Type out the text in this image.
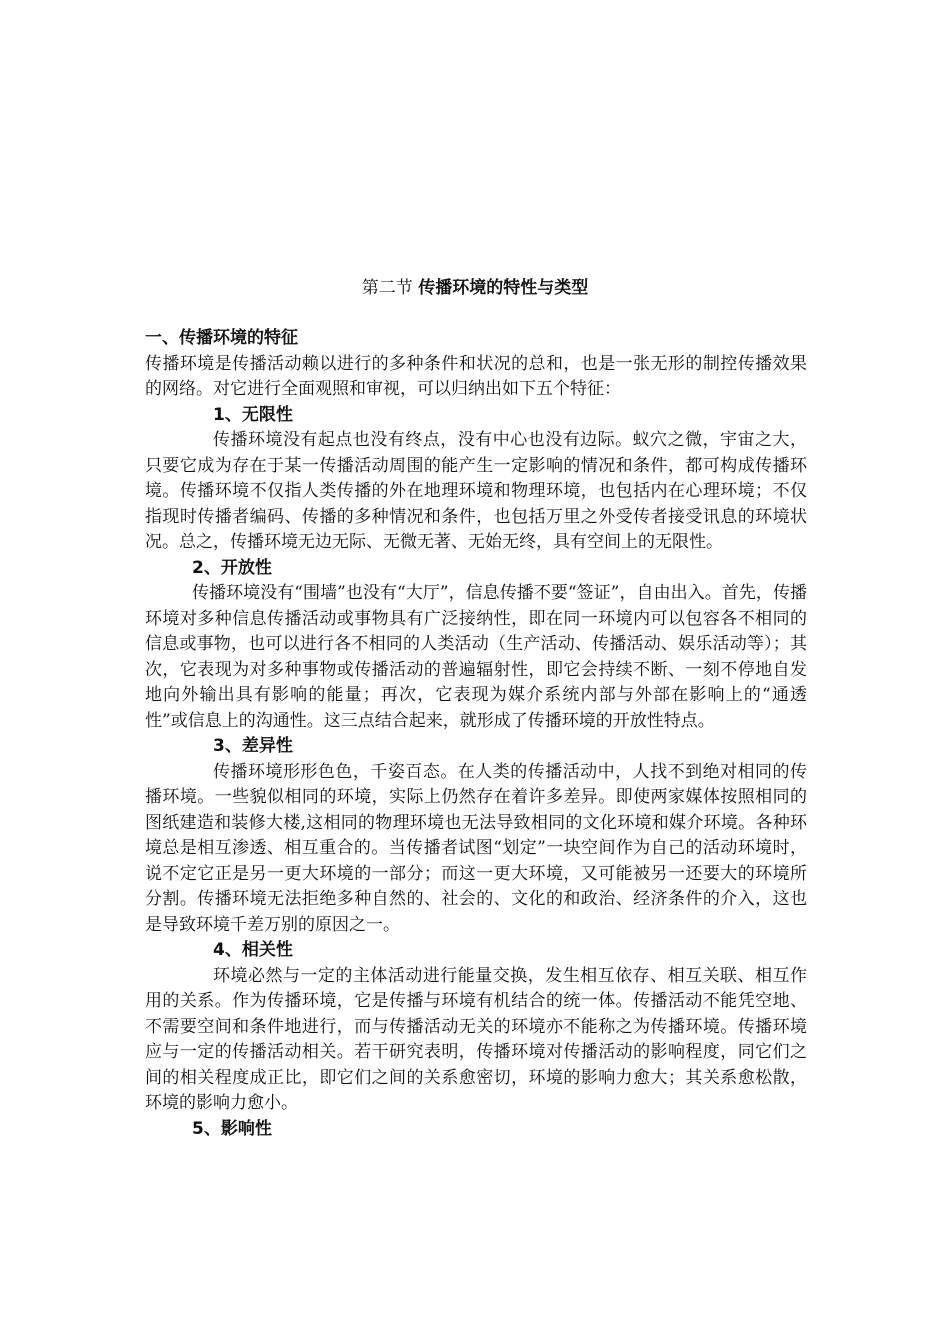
第二节 传播环境的特性与类型

一、传播环境的特征

传播环境是传播活动赖以进行的多种条件和状况的总和，也是一张无形的制控传播效果的网络。对它进行全面观照和审视，可以归纳出如下五个特征：

1、无限性

传播环境没有起点也没有终点，没有中心也没有边际。蚁穴之微，宇宙之大，只要它成为存在于某一传播活动周围的能产生一定影响的情况和条件，都可构成传播环境。传播环境不仅指人类传播的外在地理环境和物理环境，也包括内在心理环境；不仅指现时传播者编码、传播的多种情况和条件，也包括万里之外受传者接受讯息的环境状况。总之，传播环境无边无际、无微无著、无始无终，具有空间上的无限性。

2、开放性

传播环境没有“围墙”也没有“大厅”，信息传播不要“签证”，自由出入。首先，传播环境对多种信息传播活动或事物具有广泛接纳性，即在同一环境内可以包容各不相同的信息或事物，也可以进行各不相同的人类活动（生产活动、传播活动、娱乐活动等）；其次，它表现为对多种事物或传播活动的普遍辐射性，即它会持续不断、一刻不停地自发地向外输出具有影响的能量；再次，它表现为媒介系统内部与外部在影响上的“通透性”或信息上的沟通性。这三点结合起来，就形成了传播环境的开放性特点。

3、差异性

传播环境形形色色，千姿百态。在人类的传播活动中，人找不到绝对相同的传播环境。一些貌似相同的环境，实际上仍然存在着许多差异。即使两家媒体按照相同的图纸建造和装修大楼,这相同的物理环境也无法导致相同的文化环境和媒介环境。各种环境总是相互渗透、相互重合的。当传播者试图“划定”一块空间作为自己的活动环境时，说不定它正是另一更大环境的一部分；而这一更大环境，又可能被另一还要大的环境所分割。传播环境无法拒绝多种自然的、社会的、文化的和政治、经济条件的介入，这也是导致环境千差万别的原因之一。

4、相关性

环境必然与一定的主体活动进行能量交换，发生相互依存、相互关联、相互作用的关系。作为传播环境，它是传播与环境有机结合的统一体。传播活动不能凭空地、不需要空间和条件地进行，而与传播活动无关的环境亦不能称之为传播环境。传播环境应与一定的传播活动相关。若干研究表明，传播环境对传播活动的影响程度，同它们之间的相关程度成正比，即它们之间的关系愈密切，环境的影响力愈大；其关系愈松散，环境的影响力愈小。

5、影响性
